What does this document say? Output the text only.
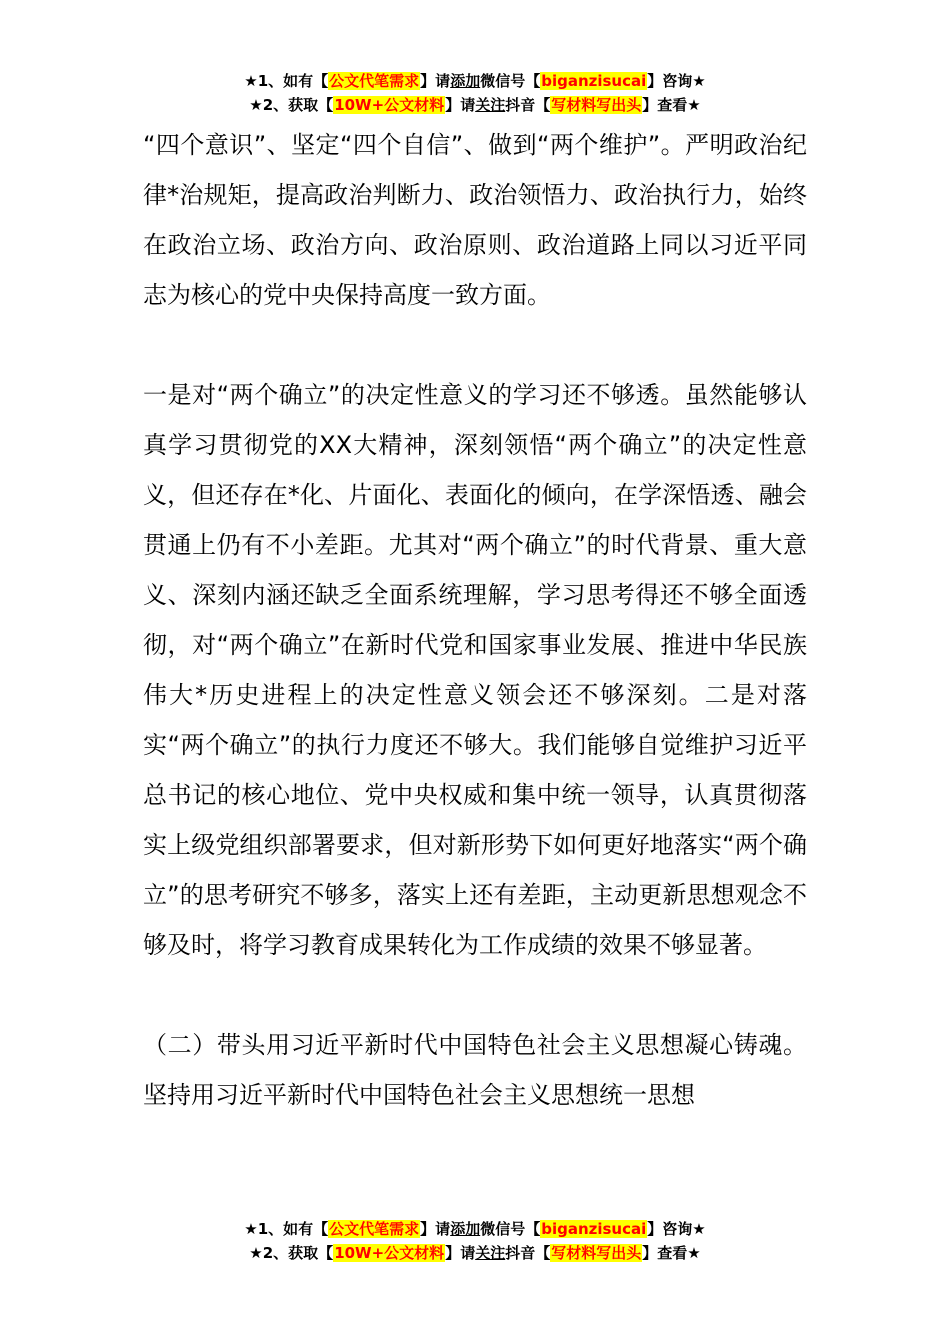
★1、如有【公文代笔需求】请添加微信号【biganzisucai】咨询★
★2、获取【10W+公文材料】请关注抖音【写材料写出头】查看★

“四个意识”、坚定“四个自信”、做到“两个维护”。严明政治纪律*治规矩，提高政治判断力、政治领悟力、政治执行力，始终在政治立场、政治方向、政治原则、政治道路上同以习近平同志为核心的党中央保持高度一致方面。

一是对“两个确立”的决定性意义的学习还不够透。虽然能够认真学习贯彻党的XX大精神，深刻领悟“两个确立”的决定性意义，但还存在*化、片面化、表面化的倾向，在学深悟透、融会贯通上仍有不小差距。尤其对“两个确立”的时代背景、重大意义、深刻内涵还缺乏全面系统理解，学习思考得还不够全面透彻，对“两个确立”在新时代党和国家事业发展、推进中华民族伟大*历史进程上的决定性意义领会还不够深刻。二是对落实“两个确立”的执行力度还不够大。我们能够自觉维护习近平总书记的核心地位、党中央权威和集中统一领导，认真贯彻落实上级党组织部署要求，但对新形势下如何更好地落实“两个确立”的思考研究不够多，落实上还有差距，主动更新思想观念不够及时，将学习教育成果转化为工作成绩的效果不够显著。

（二）带头用习近平新时代中国特色社会主义思想凝心铸魂。坚持用习近平新时代中国特色社会主义思想统一思想

★1、如有【公文代笔需求】请添加微信号【biganzisucai】咨询★
★2、获取【10W+公文材料】请关注抖音【写材料写出头】查看★
